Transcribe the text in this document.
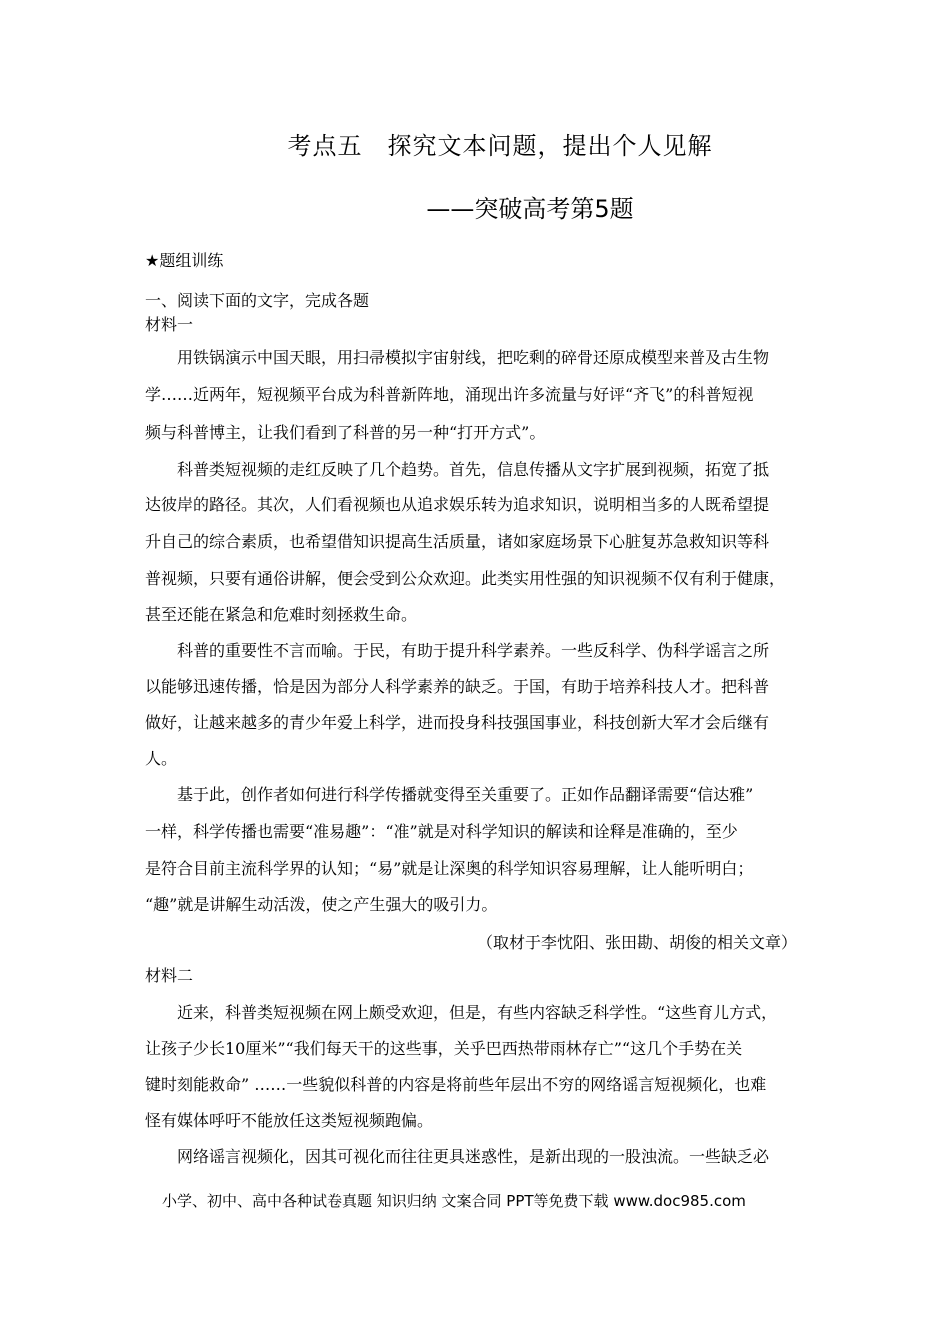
考点五　探究文本问题，提出个人见解
——突破高考第5题
★题组训练
一、阅读下面的文字，完成各题
材料一
用铁锅演示中国天眼，用扫帚模拟宇宙射线，把吃剩的碎骨还原成模型来普及古生物
学……近两年，短视频平台成为科普新阵地，涌现出许多流量与好评“齐飞”的科普短视
频与科普博主，让我们看到了科普的另一种“打开方式”。
科普类短视频的走红反映了几个趋势。首先，信息传播从文字扩展到视频，拓宽了抵
达彼岸的路径。其次，人们看视频也从追求娱乐转为追求知识，说明相当多的人既希望提
升自己的综合素质，也希望借知识提高生活质量，诸如家庭场景下心脏复苏急救知识等科
普视频，只要有通俗讲解，便会受到公众欢迎。此类实用性强的知识视频不仅有利于健康，
甚至还能在紧急和危难时刻拯救生命。
科普的重要性不言而喻。于民，有助于提升科学素养。一些反科学、伪科学谣言之所
以能够迅速传播，恰是因为部分人科学素养的缺乏。于国，有助于培养科技人才。把科普
做好，让越来越多的青少年爱上科学，进而投身科技强国事业，科技创新大军才会后继有
人。
基于此，创作者如何进行科学传播就变得至关重要了。正如作品翻译需要“信达雅”
一样，科学传播也需要“准易趣”：“准”就是对科学知识的解读和诠释是准确的，至少
是符合目前主流科学界的认知；“易”就是让深奥的科学知识容易理解，让人能听明白；
“趣”就是讲解生动活泼，使之产生强大的吸引力。
（取材于李忱阳、张田勘、胡俊的相关文章）
材料二
近来，科普类短视频在网上颇受欢迎，但是，有些内容缺乏科学性。“这些育儿方式，
让孩子少长10厘米”“我们每天干的这些事，关乎巴西热带雨林存亡”“这几个手势在关
键时刻能救命” ……一些貌似科普的内容是将前些年层出不穷的网络谣言短视频化，也难
怪有媒体呼吁不能放任这类短视频跑偏。
网络谣言视频化，因其可视化而往往更具迷惑性，是新出现的一股浊流。一些缺乏必
小学、初中、高中各种试卷真题 知识归纳 文案合同 PPT等免费下载 www.doc985.com
